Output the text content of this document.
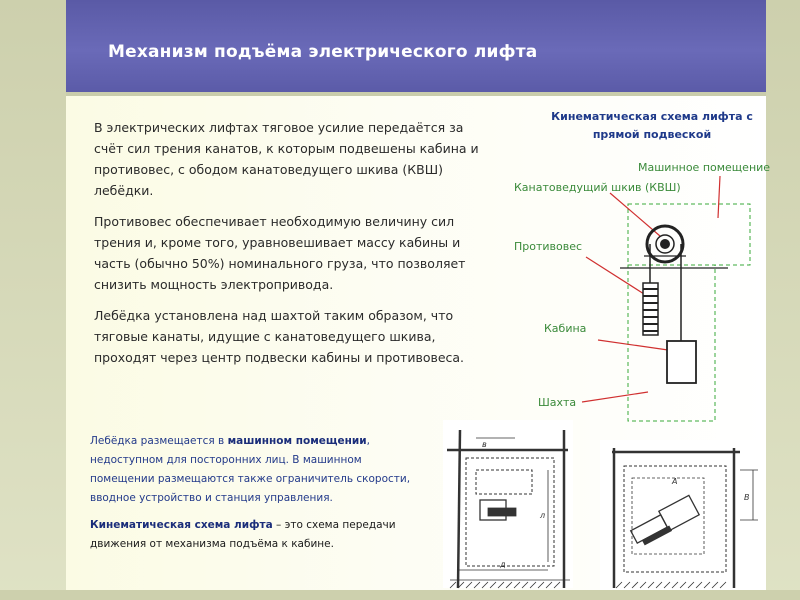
Механизм подъёма электрического лифта

В электрических лифтах тяговое усилие передаётся за счёт сил трения канатов, к которым подвешены кабина и противовес, с ободом канатоведущего шкива (КВШ) лебёдки.

Противовес обеспечивает необходимую величину сил трения и, кроме того, уравновешивает массу кабины и часть (обычно 50%) номинального груза, что позволяет снизить мощность электропривода.

Лебёдка установлена над шахтой таким образом, что тяговые канаты, идущие с канатоведущего шкива, проходят через центр подвески кабины и противовеса.

Лебёдка размещается в машинном помещении, недоступном для посторонних лиц. В машинном помещении размещаются также ограничитель скорости, вводное устройство и станция управления.

Кинематическая схема лифта – это схема передачи движения от механизма подъёма к кабине.

Кинематическая схема лифта с
прямой подвеской
Машинное помещение
Канатоведущий шкив (КВШ)
Противовес
Кабина
Шахта
в
д
л
А
В
